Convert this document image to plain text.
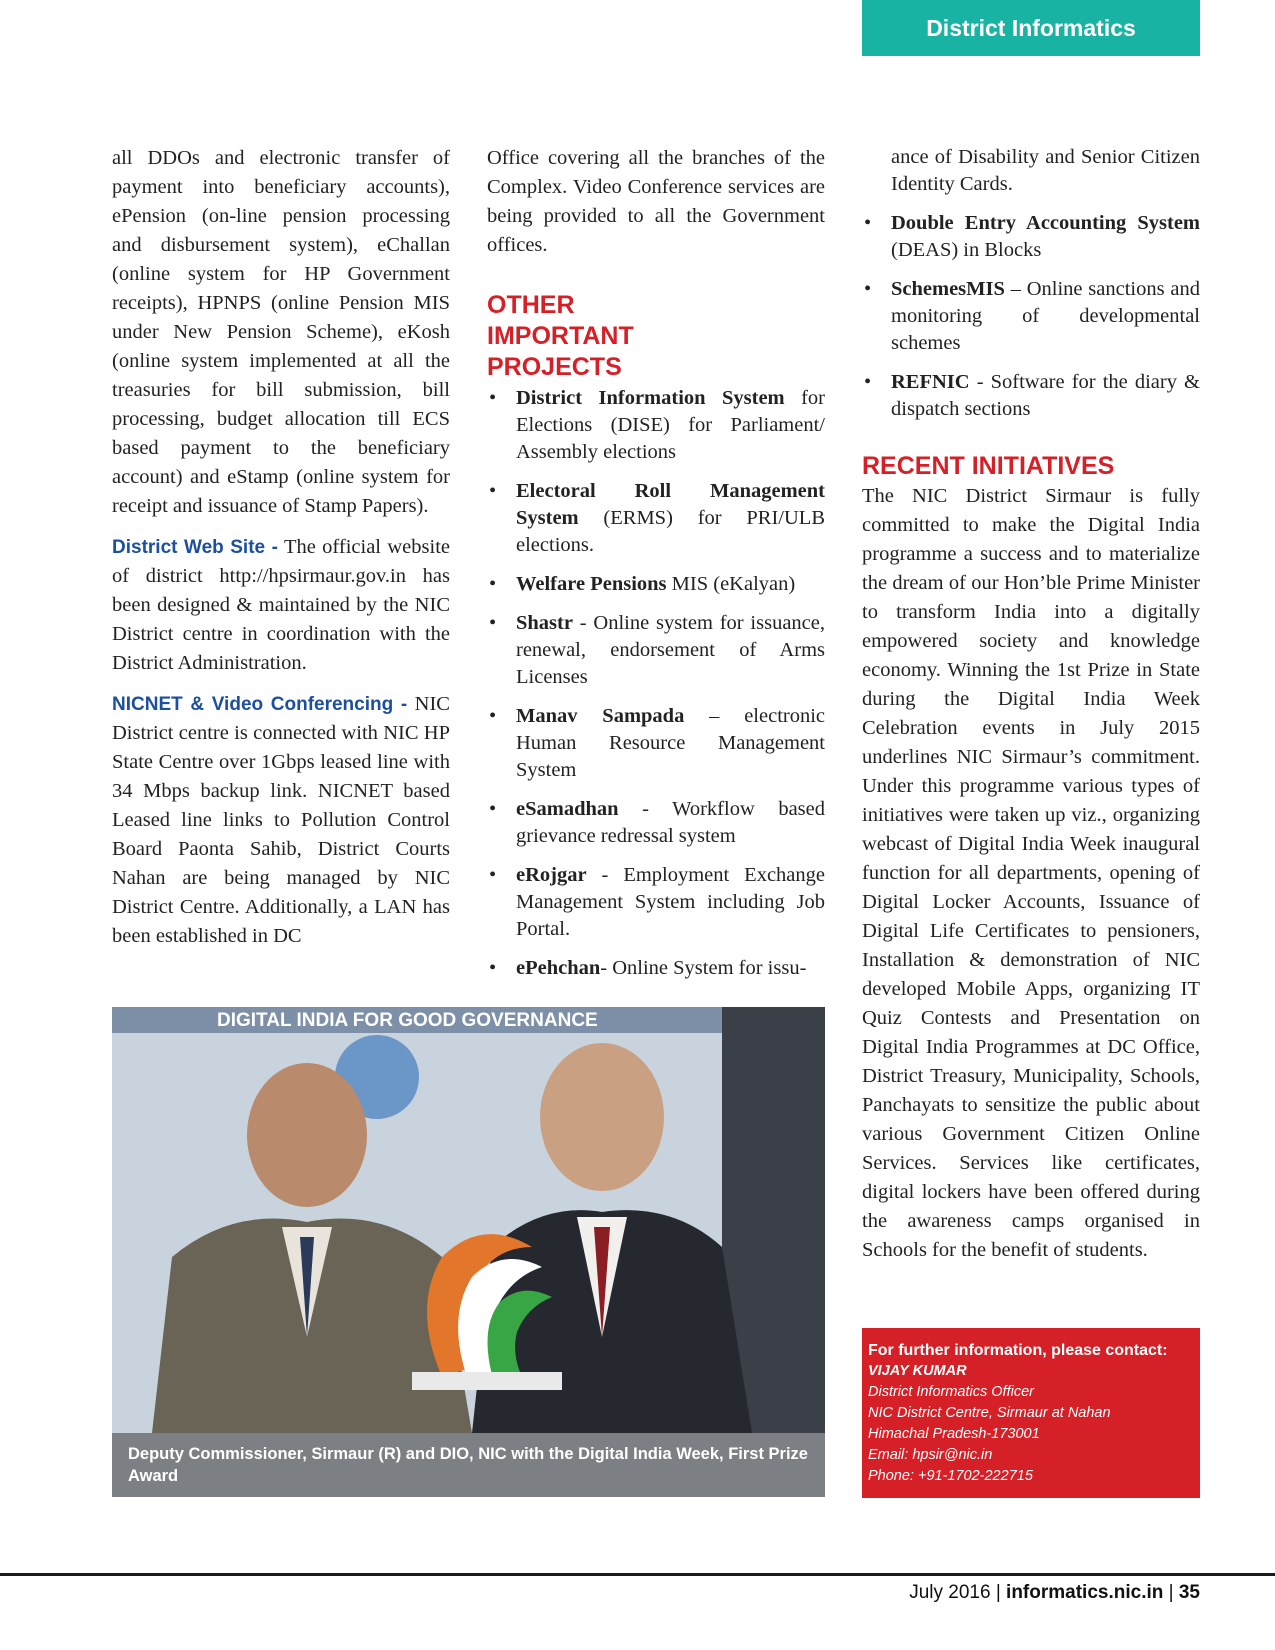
District Informatics

all DDOs and electronic transfer of payment into beneficiary accounts), ePension (on-line pension processing and disbursement system), eChallan (online system for HP Government receipts), HPNPS (online Pension MIS under New Pension Scheme), eKosh (online system implemented at all the treasuries for bill submission, bill processing, budget allocation till ECS based payment to the beneficiary account) and eStamp (online system for receipt and issuance of Stamp Papers).

District Web Site - The official website of district http://hpsirmaur.gov.in has been designed & maintained by the NIC District centre in coordination with the District Administration.

NICNET & Video Conferencing - NIC District centre is connected with NIC HP State Centre over 1Gbps leased line with 34 Mbps backup link. NICNET based Leased line links to Pollution Control Board Paonta Sahib, District Courts Nahan are being managed by NIC District Centre. Additionally, a LAN has been established in DC

Office covering all the branches of the Complex. Video Conference services are being provided to all the Government offices.

OTHER IMPORTANT PROJECTS
• District Information System for Elections (DISE) for Parliament/ Assembly elections
• Electoral Roll Management System (ERMS) for PRI/ULB elections.
• Welfare Pensions MIS (eKalyan)
• Shastr - Online system for issuance, renewal, endorsement of Arms Licenses
• Manav Sampada – electronic Human Resource Management System
• eSamadhan - Workflow based grievance redressal system
• eRojgar - Employment Exchange Management System including Job Portal.
• ePehchan- Online System for issu-

ance of Disability and Senior Citizen Identity Cards.

• Double Entry Accounting System (DEAS) in Blocks
• SchemesMIS – Online sanctions and monitoring of developmental schemes
• REFNIC - Software for the diary & dispatch sections
RECENT INITIATIVES

The NIC District Sirmaur is fully committed to make the Digital India programme a success and to materialize the dream of our Hon’ble Prime Minister to transform India into a digitally empowered society and knowledge economy. Winning the 1st Prize in State during the Digital India Week Celebration events in July 2015 underlines NIC Sirmaur’s commitment. Under this programme various types of initiatives were taken up viz., organizing webcast of Digital India Week inaugural function for all departments, opening of Digital Locker Accounts, Issuance of Digital Life Certificates to pensioners, Installation & demonstration of NIC developed Mobile Apps, organizing IT Quiz Contests and Presentation on Digital India Programmes at DC Office, District Treasury, Municipality, Schools, Panchayats to sensitize the public about various Government Citizen Online Services. Services like certificates, digital lockers have been offered during the awareness camps organised in Schools for the benefit of students.

DIGITAL INDIA FOR GOOD GOVERNANCE
Deputy Commissioner, Sirmaur (R) and DIO, NIC with the Digital India Week, First Prize Award
For further information, please contact:
VIJAY KUMAR
District Informatics Officer
NIC District Centre, Sirmaur at Nahan
Himachal Pradesh-173001
Email: hpsir@nic.in
Phone: +91-1702-222715
July 2016 | informatics.nic.in | 35
